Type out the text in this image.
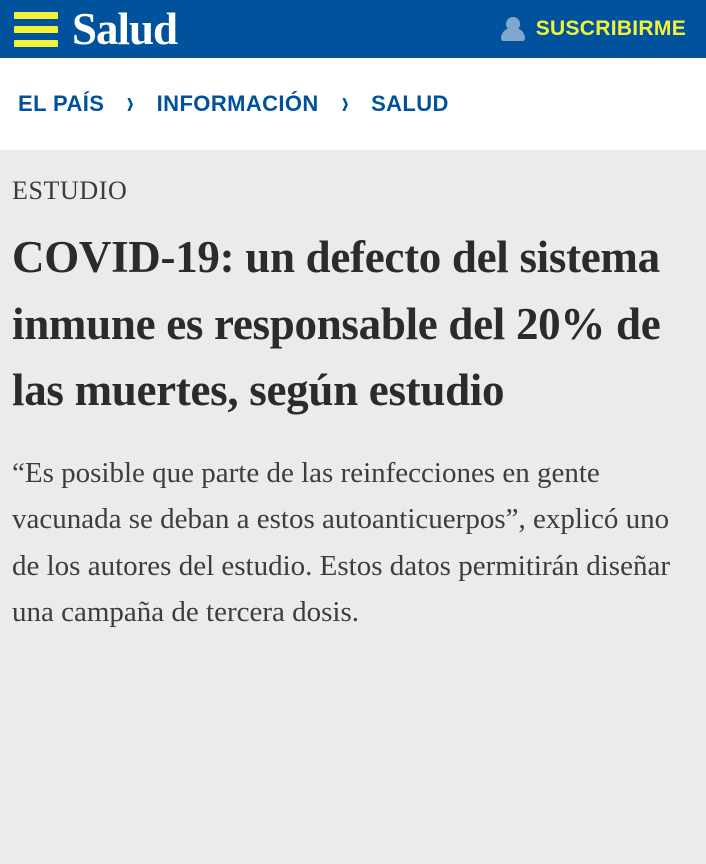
Salud	SUSCRIBIRME
EL PAÍS ›	INFORMACIÓN ›	SALUD
ESTUDIO
COVID-19: un defecto del sistema inmune es responsable del 20% de las muertes, según estudio

“Es posible que parte de las reinfecciones en gente vacunada se deban a estos autoanticuerpos”, explicó uno de los autores del estudio. Estos datos permitirán diseñar una campaña de tercera dosis.
